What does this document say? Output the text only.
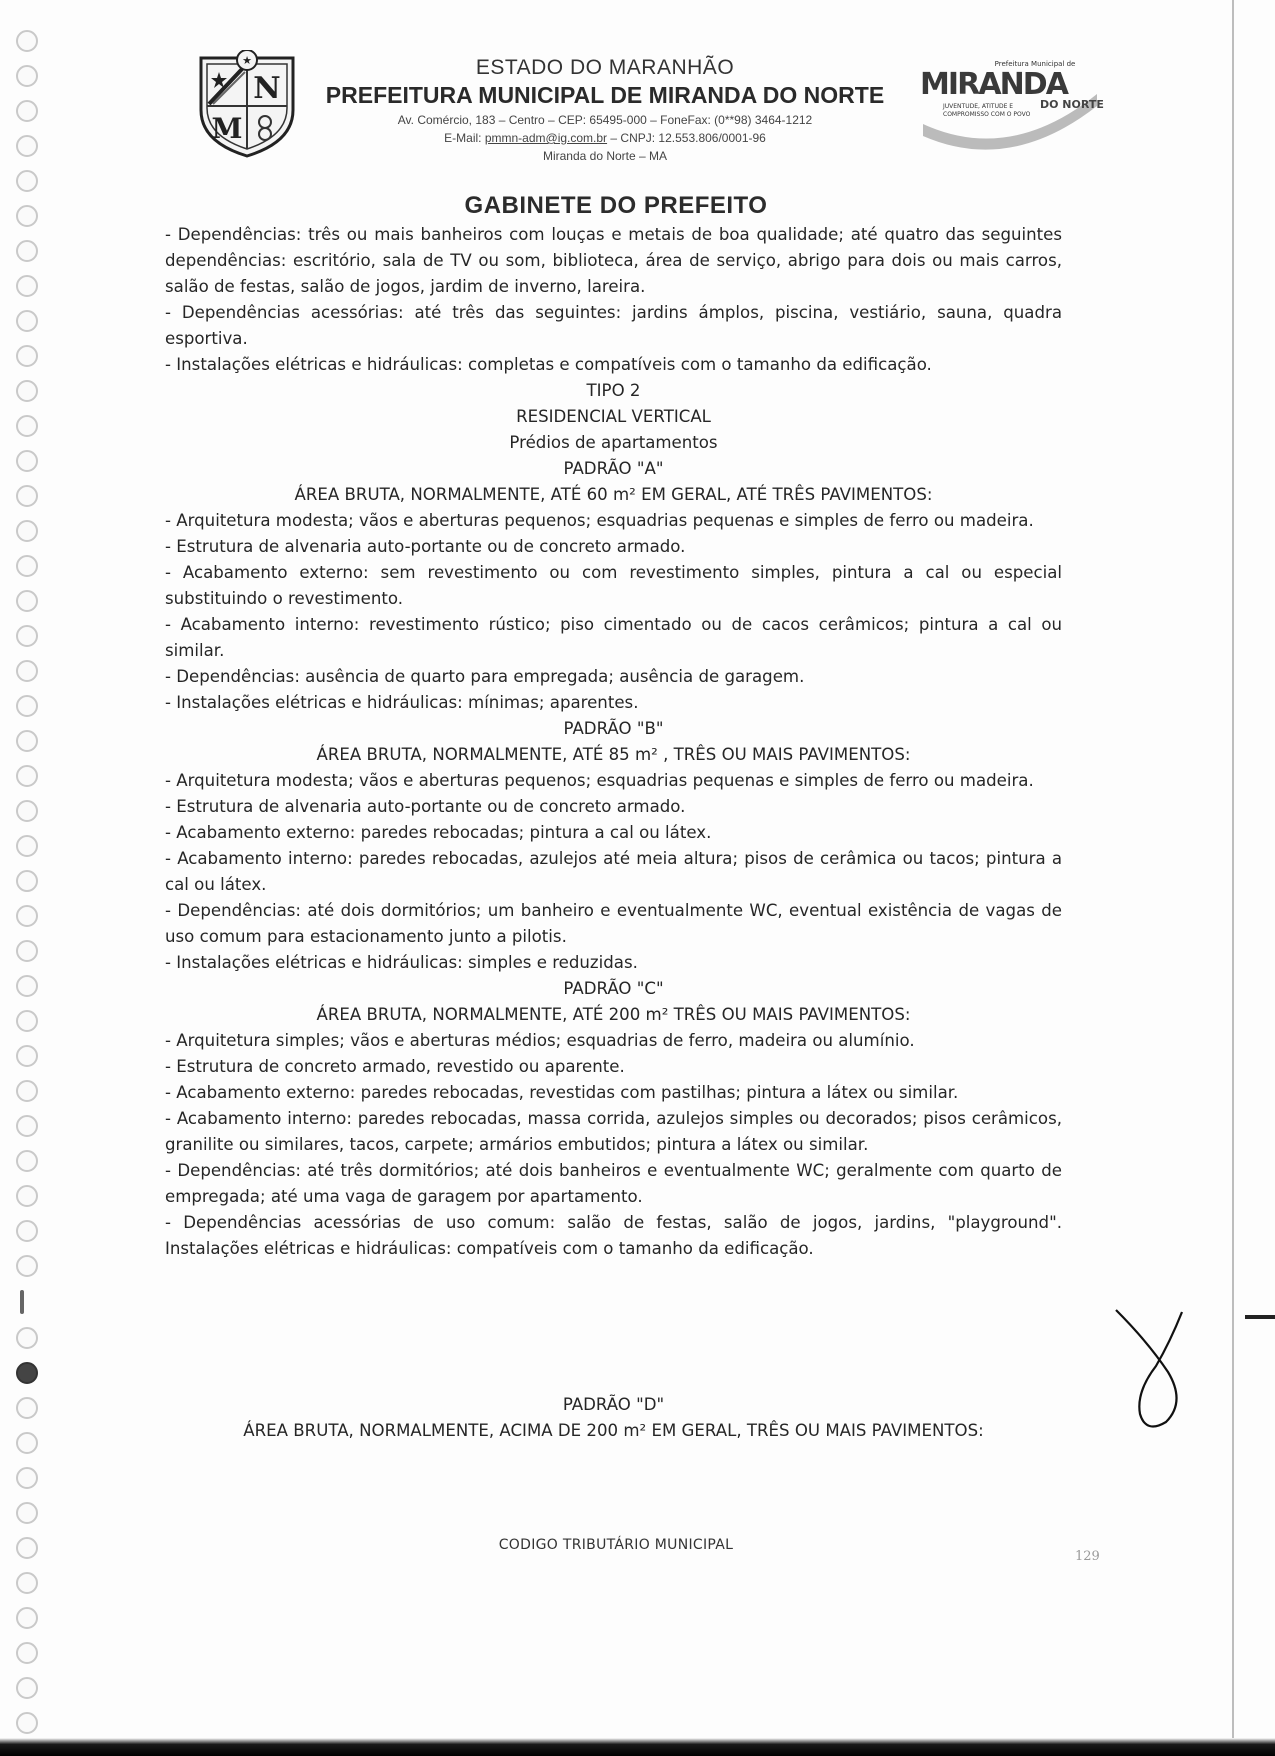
★
N
M
ESTADO DO MARANHÃO
PREFEITURA MUNICIPAL DE MIRANDA DO NORTE
Av. Comércio, 183 – Centro – CEP: 65495-000 – FoneFax: (0**98) 3464-1212
E-Mail: pmmn-adm@ig.com.br – CNPJ: 12.553.806/0001-96
Miranda do Norte – MA
Prefeitura Municipal de
MIRANDA
JUVENTUDE, ATITUDE E
COMPROMISSO COM O POVO
DO NORTE
GABINETE DO PREFEITO

- Dependências: três ou mais banheiros com louças e metais de boa qualidade; até quatro das seguintes dependências: escritório, sala de TV ou som, biblioteca, área de serviço, abrigo para dois ou mais carros, salão de festas, salão de jogos, jardim de inverno, lareira.

- Dependências acessórias: até três das seguintes: jardins ámplos, piscina, vestiário, sauna, quadra esportiva.

- Instalações elétricas e hidráulicas: completas e compatíveis com o tamanho da edificação.

TIPO 2

RESIDENCIAL VERTICAL

Prédios de apartamentos

PADRÃO "A"

ÁREA BRUTA, NORMALMENTE, ATÉ 60 m² EM GERAL, ATÉ TRÊS PAVIMENTOS:

- Arquitetura modesta; vãos e aberturas pequenos; esquadrias pequenas e simples de ferro ou madeira.

- Estrutura de alvenaria auto-portante ou de concreto armado.

- Acabamento externo: sem revestimento ou com revestimento simples, pintura a cal ou especial substituindo o revestimento.

- Acabamento interno: revestimento rústico; piso cimentado ou de cacos cerâmicos; pintura a cal ou similar.

- Dependências: ausência de quarto para empregada; ausência de garagem.

- Instalações elétricas e hidráulicas: mínimas; aparentes.

PADRÃO "B"

ÁREA BRUTA, NORMALMENTE, ATÉ 85 m² , TRÊS OU MAIS PAVIMENTOS:

- Arquitetura modesta; vãos e aberturas pequenos; esquadrias pequenas e simples de ferro ou madeira.

- Estrutura de alvenaria auto-portante ou de concreto armado.

- Acabamento externo: paredes rebocadas; pintura a cal ou látex.

- Acabamento interno: paredes rebocadas, azulejos até meia altura; pisos de cerâmica ou tacos; pintura a cal ou látex.

- Dependências: até dois dormitórios; um banheiro e eventualmente WC, eventual existência de vagas de uso comum para estacionamento junto a pilotis.

- Instalações elétricas e hidráulicas: simples e reduzidas.

PADRÃO "C"

ÁREA BRUTA, NORMALMENTE, ATÉ 200 m² TRÊS OU MAIS PAVIMENTOS:

- Arquitetura simples; vãos e aberturas médios; esquadrias de ferro, madeira ou alumínio.

- Estrutura de concreto armado, revestido ou aparente.

- Acabamento externo: paredes rebocadas, revestidas com pastilhas; pintura a látex ou similar.

- Acabamento interno: paredes rebocadas, massa corrida, azulejos simples ou decorados; pisos cerâmicos, granilite ou similares, tacos, carpete; armários embutidos; pintura a látex ou similar.

- Dependências: até três dormitórios; até dois banheiros e eventualmente WC; geralmente com quarto de empregada; até uma vaga de garagem por apartamento.

- Dependências acessórias de uso comum: salão de festas, salão de jogos, jardins, "playground". Instalações elétricas e hidráulicas: compatíveis com o tamanho da edificação.

PADRÃO "D"

ÁREA BRUTA, NORMALMENTE, ACIMA DE 200 m² EM GERAL, TRÊS OU MAIS PAVIMENTOS:

CODIGO TRIBUTÁRIO MUNICIPAL
129
